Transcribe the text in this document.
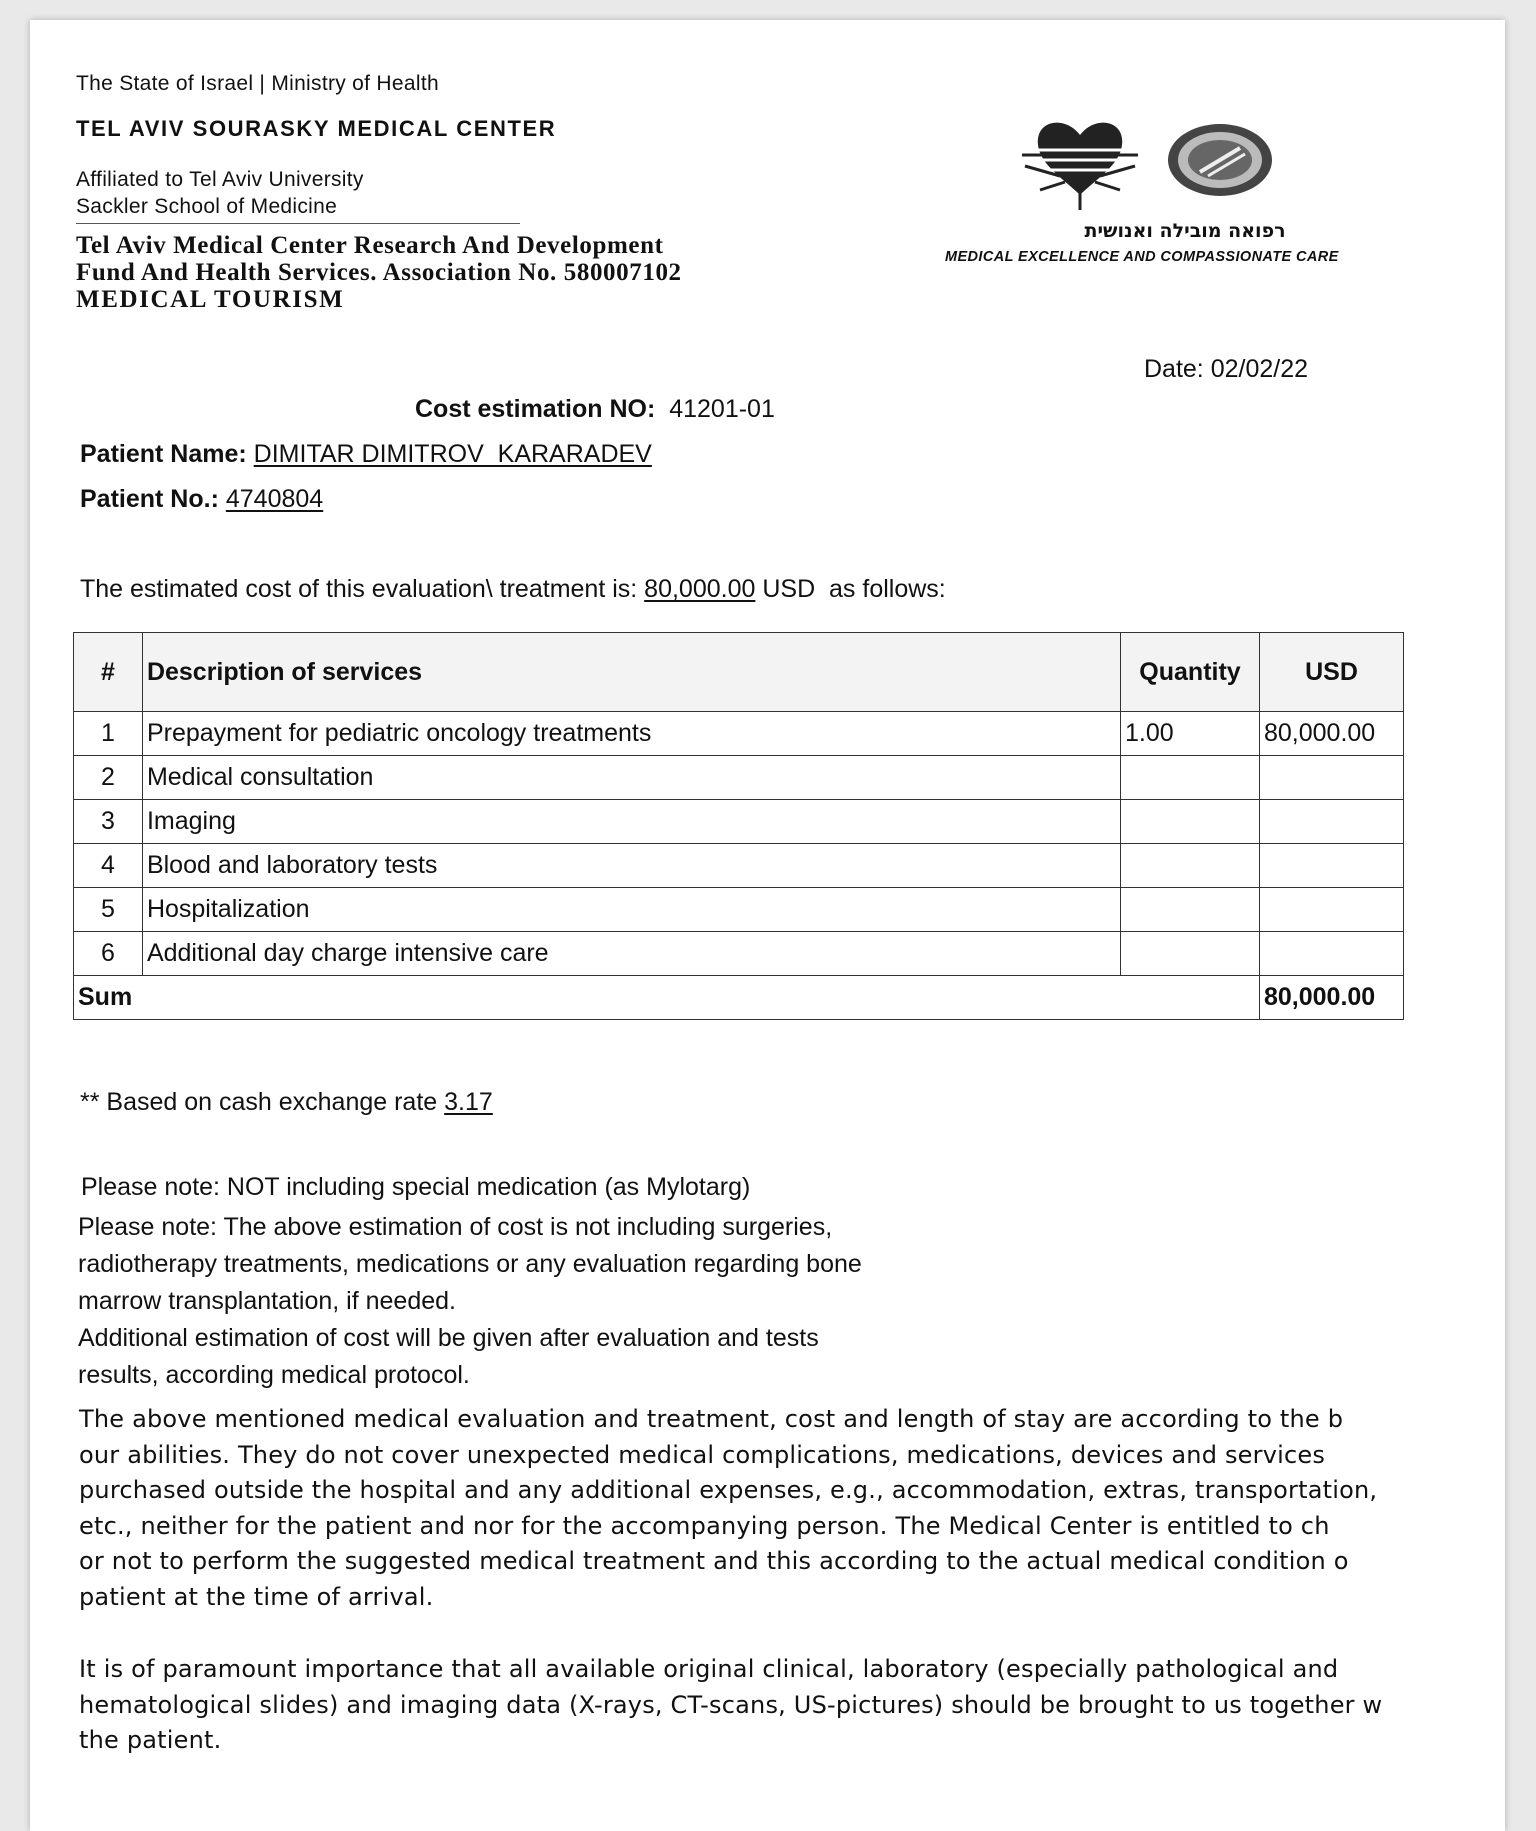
The State of Israel | Ministry of Health
TEL AVIV SOURASKY MEDICAL CENTER
Affiliated to Tel Aviv University
Sackler School of Medicine
Tel Aviv Medical Center Research And Development
Fund And Health Services. Association No. 580007102
MEDICAL TOURISM
רפואה מובילה ואנושית
MEDICAL EXCELLENCE AND COMPASSIONATE CARE
Date: 02/02/22
Cost estimation NO: 41201-01
Patient Name: DIMITAR DIMITROV  KARARADEV
Patient No.: 4740804
The estimated cost of this evaluation\ treatment is: 80,000.00 USD  as follows:
#	Description of services	Quantity	USD
1	Prepayment for pediatric oncology treatments	1.00	80,000.00
2	Medical consultation		
3	Imaging		
4	Blood and laboratory tests		
5	Hospitalization		
6	Additional day charge intensive care		
Sum			80,000.00
** Based on cash exchange rate 3.17
Please note: NOT including special medication (as Mylotarg)
Please note: The above estimation of cost is not including surgeries,
radiotherapy treatments, medications or any evaluation regarding bone
marrow transplantation, if needed.
Additional estimation of cost will be given after evaluation and tests
results, according medical protocol.
The above mentioned medical evaluation and treatment, cost and length of stay are according to the b
our abilities. They do not cover unexpected medical complications, medications, devices and services
purchased outside the hospital and any additional expenses, e.g., accommodation, extras, transportation,
etc., neither for the patient and nor for the accompanying person. The Medical Center is entitled to ch
or not to perform the suggested medical treatment and this according to the actual medical condition o
patient at the time of arrival.
It is of paramount importance that all available original clinical, laboratory (especially pathological and
hematological slides) and imaging data (X-rays, CT-scans, US-pictures) should be brought to us together w
the patient.
